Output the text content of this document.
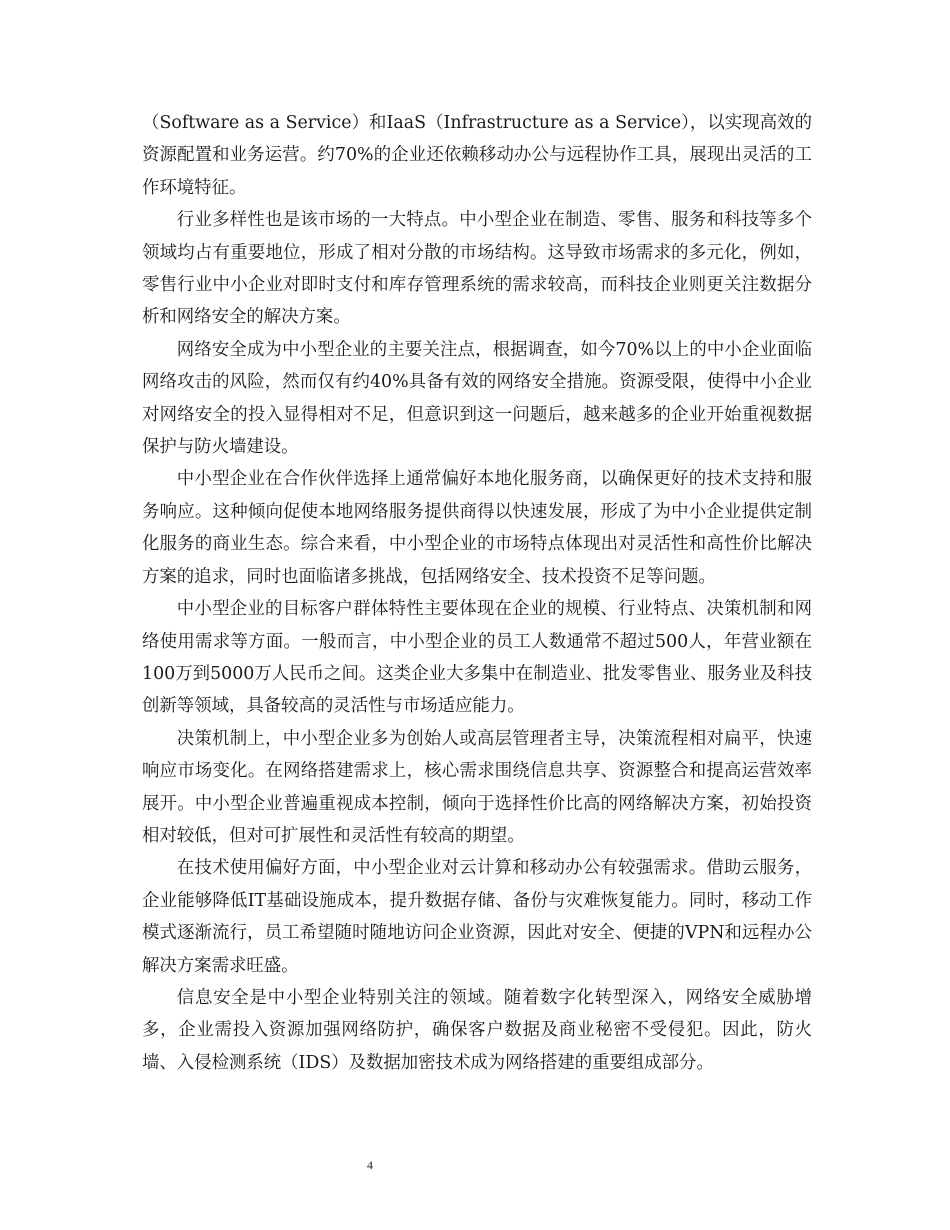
（Software as a Service）和IaaS（Infrastructure as a Service），以实现高效的资源配置和业务运营。约70%的企业还依赖移动办公与远程协作工具，展现出灵活的工作环境特征。

行业多样性也是该市场的一大特点。中小型企业在制造、零售、服务和科技等多个领域均占有重要地位，形成了相对分散的市场结构。这导致市场需求的多元化，例如，零售行业中小企业对即时支付和库存管理系统的需求较高，而科技企业则更关注数据分析和网络安全的解决方案。

网络安全成为中小型企业的主要关注点，根据调查，如今70%以上的中小企业面临网络攻击的风险，然而仅有约40%具备有效的网络安全措施。资源受限，使得中小企业对网络安全的投入显得相对不足，但意识到这一问题后，越来越多的企业开始重视数据保护与防火墙建设。

中小型企业在合作伙伴选择上通常偏好本地化服务商，以确保更好的技术支持和服务响应。这种倾向促使本地网络服务提供商得以快速发展，形成了为中小企业提供定制化服务的商业生态。综合来看，中小型企业的市场特点体现出对灵活性和高性价比解决方案的追求，同时也面临诸多挑战，包括网络安全、技术投资不足等问题。

中小型企业的目标客户群体特性主要体现在企业的规模、行业特点、决策机制和网络使用需求等方面。一般而言，中小型企业的员工人数通常不超过500人，年营业额在100万到5000万人民币之间。这类企业大多集中在制造业、批发零售业、服务业及科技创新等领域，具备较高的灵活性与市场适应能力。

决策机制上，中小型企业多为创始人或高层管理者主导，决策流程相对扁平，快速响应市场变化。在网络搭建需求上，核心需求围绕信息共享、资源整合和提高运营效率展开。中小型企业普遍重视成本控制，倾向于选择性价比高的网络解决方案，初始投资相对较低，但对可扩展性和灵活性有较高的期望。

在技术使用偏好方面，中小型企业对云计算和移动办公有较强需求。借助云服务，企业能够降低IT基础设施成本，提升数据存储、备份与灾难恢复能力。同时，移动工作模式逐渐流行，员工希望随时随地访问企业资源，因此对安全、便捷的VPN和远程办公解决方案需求旺盛。

信息安全是中小型企业特别关注的领域。随着数字化转型深入，网络安全威胁增多，企业需投入资源加强网络防护，确保客户数据及商业秘密不受侵犯。因此，防火墙、入侵检测系统（IDS）及数据加密技术成为网络搭建的重要组成部分。

4
